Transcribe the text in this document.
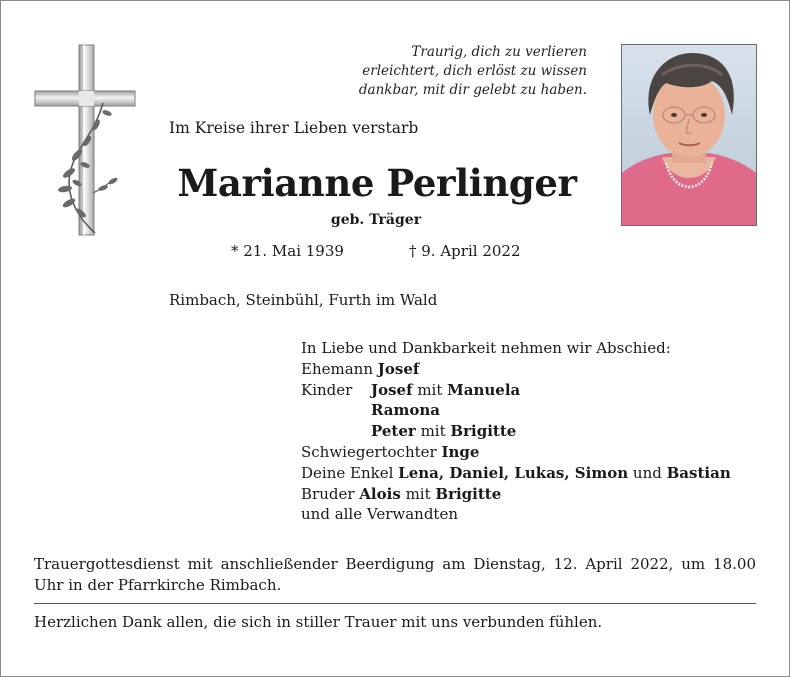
Traurig, dich zu verlieren
erleichtert, dich erlöst zu wissen
dankbar, mit dir gelebt zu haben.
Im Kreise ihrer Lieben verstarb
Marianne Perlinger
geb. Träger
* 21. Mai 1939	† 9. April 2022
Rimbach, Steinbühl, Furth im Wald
In Liebe und Dankbarkeit nehmen wir Abschied:
Ehemann Josef
Kinder Josef mit Manuela
Ramona
Peter mit Brigitte
Schwiegertochter Inge
Deine Enkel Lena, Daniel, Lukas, Simon und Bastian
Bruder Alois mit Brigitte
und alle Verwandten
Trauergottesdienst mit anschließender Beerdigung am Dienstag, 12. April 2022, um 18.00 Uhr in der Pfarrkirche Rimbach.
Herzlichen Dank allen, die sich in stiller Trauer mit uns verbunden fühlen.
